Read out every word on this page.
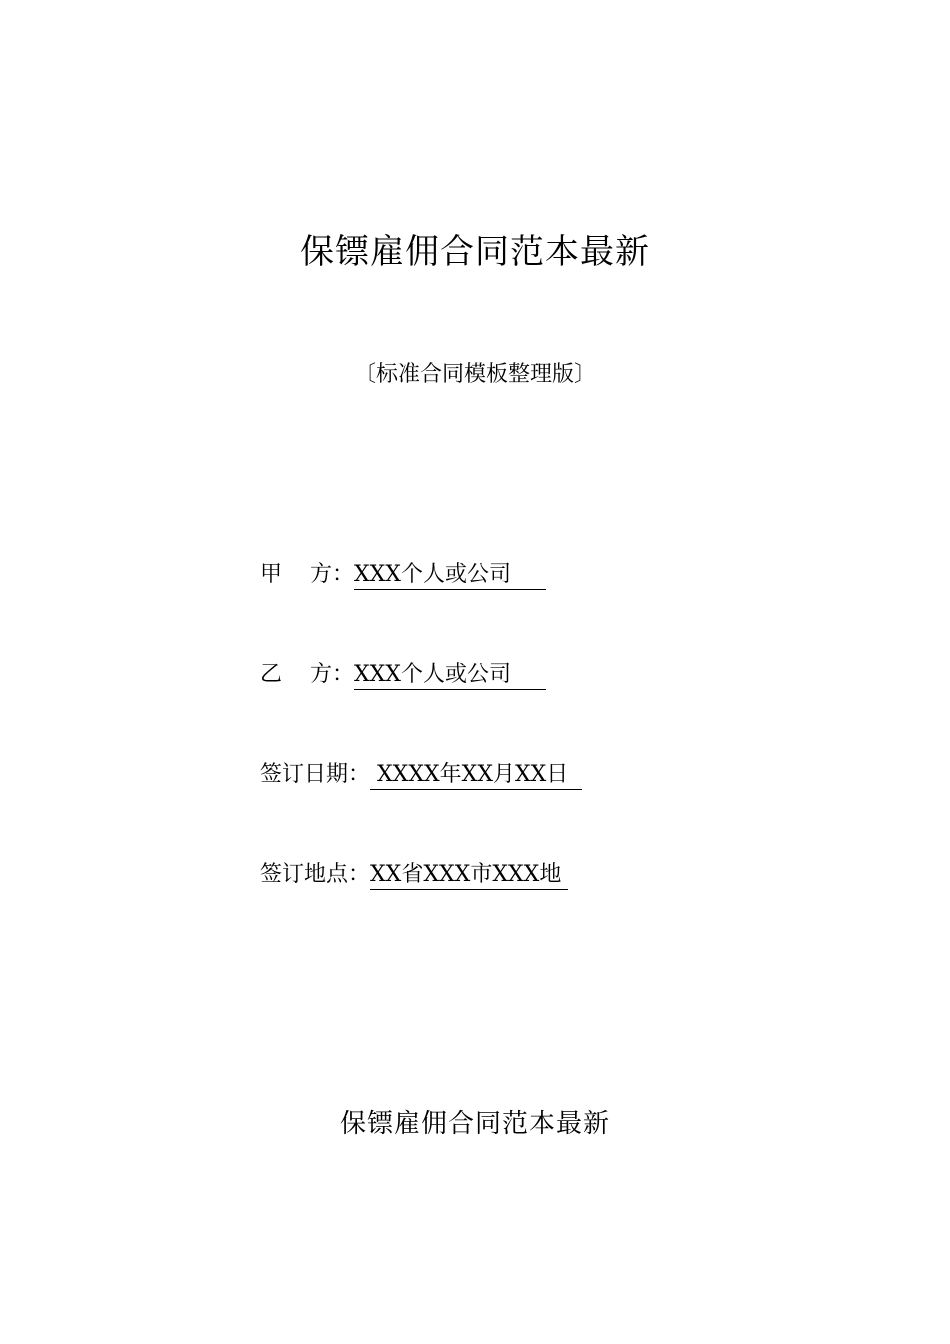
保镖雇佣合同范本最新
〔标准合同模板整理版〕
甲    方：XXX个人或公司
乙    方：XXX个人或公司
签订日期： XXXX年XX月XX日
签订地点：XX省XXX市XXX地
保镖雇佣合同范本最新
